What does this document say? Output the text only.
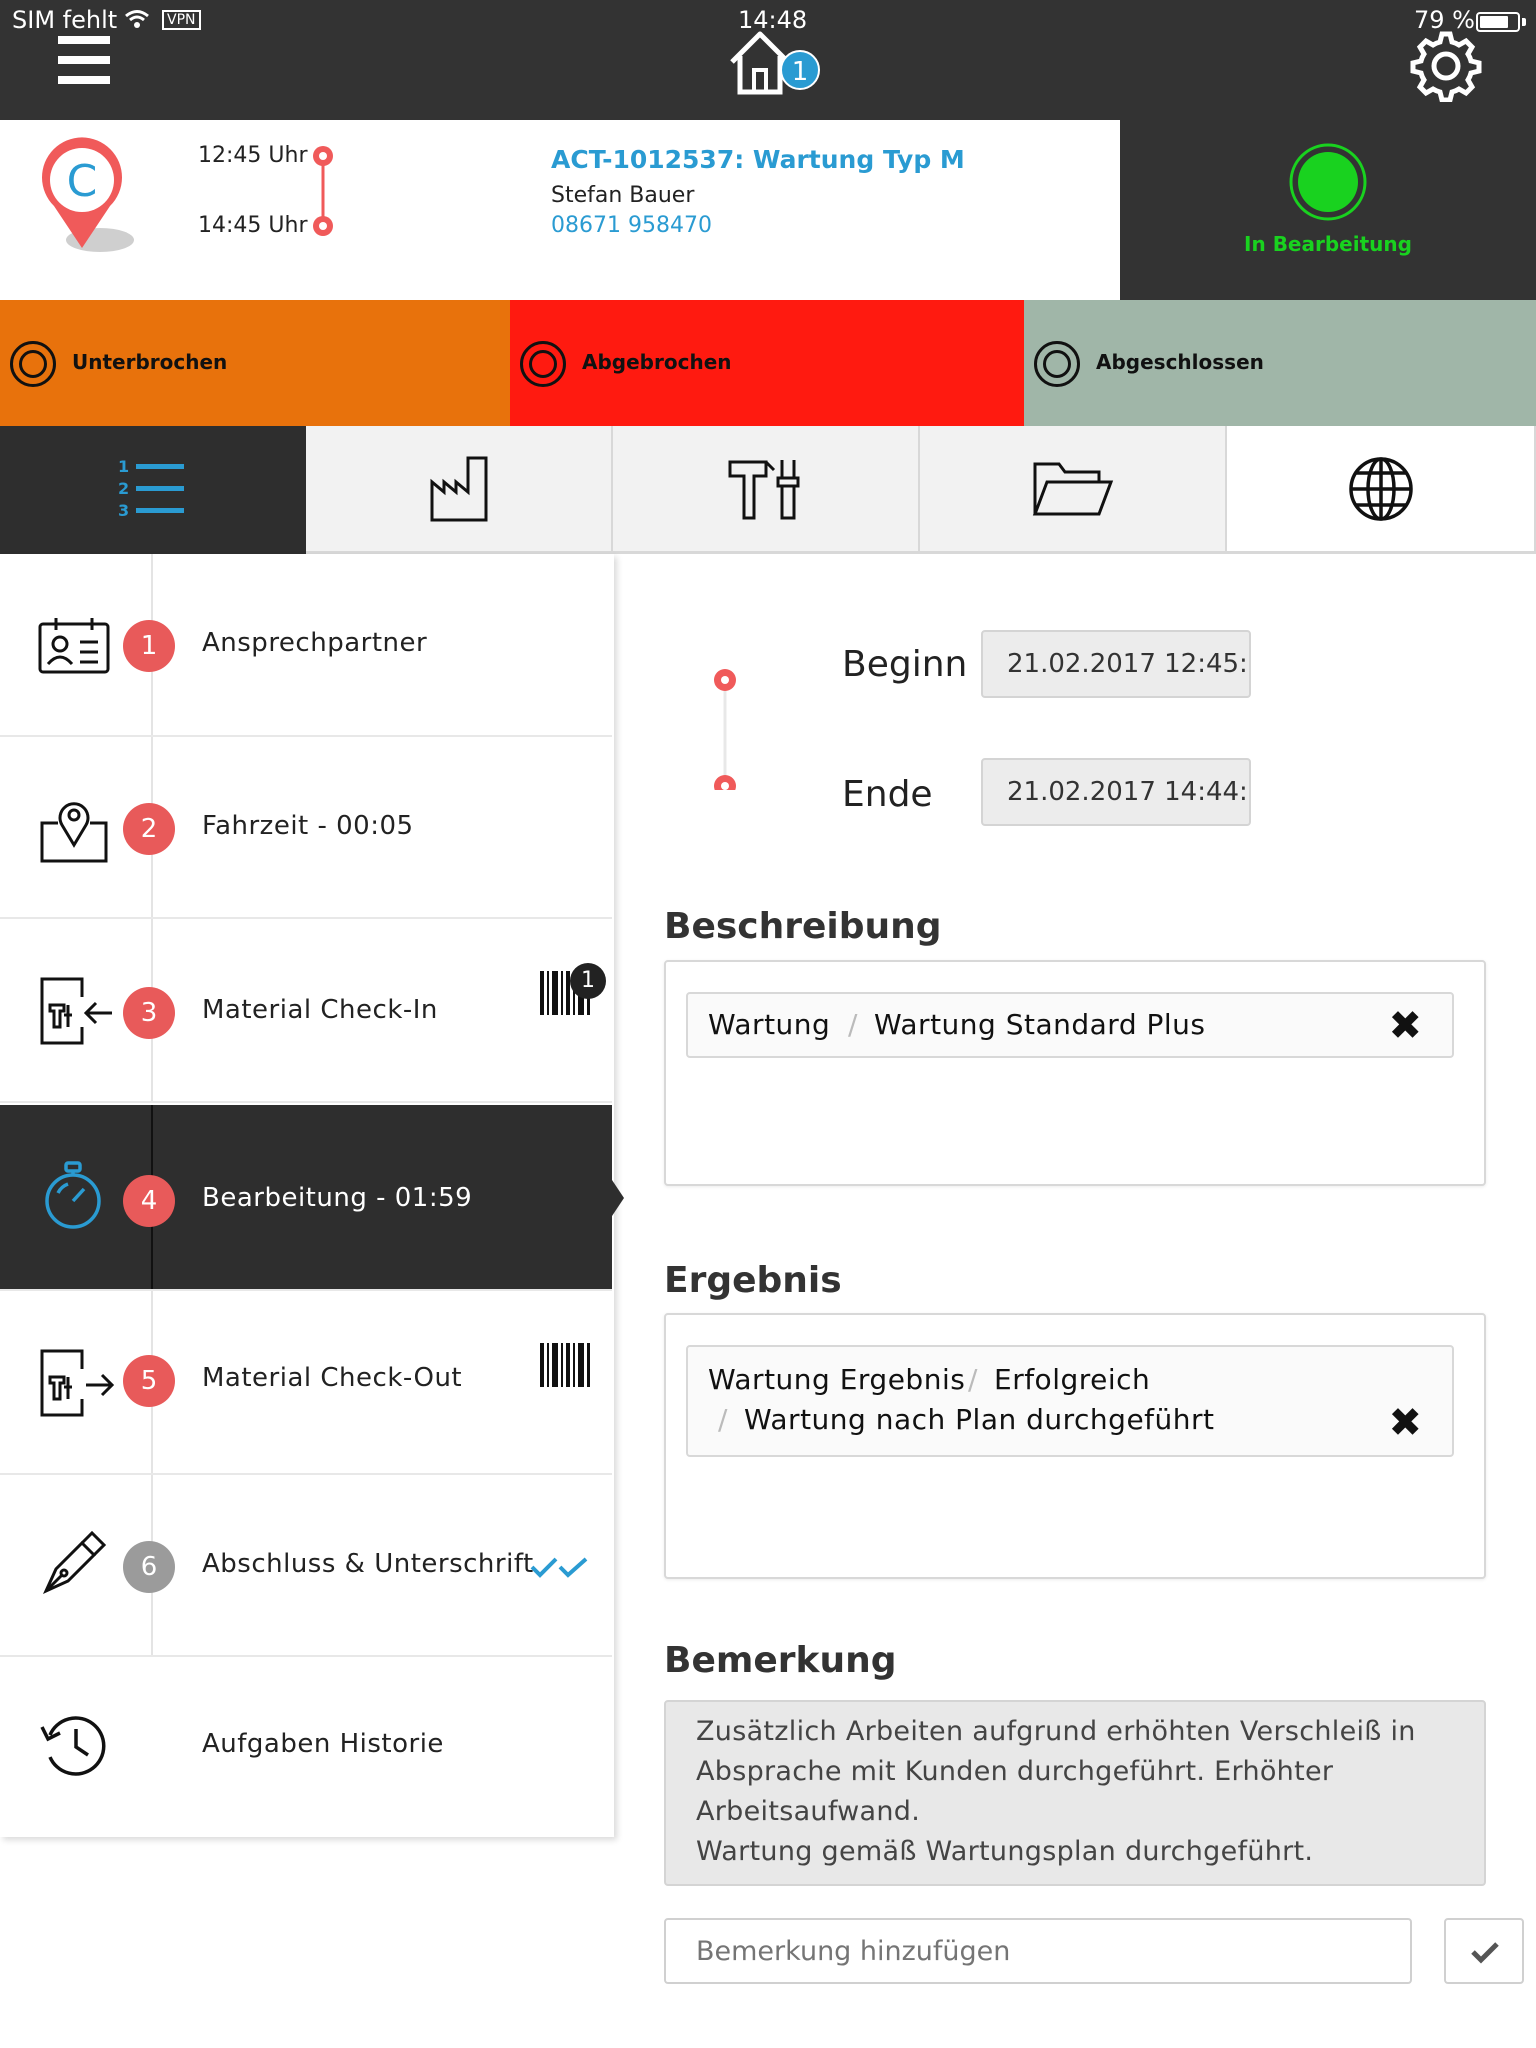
SIM fehlt	VPN	14:48	79 %
1
C
12:45 Uhr
14:45 Uhr
ACT-1012537: Wartung Typ M
Stefan Bauer
08671 958470
In Bearbeitung
Unterbrochen	Abgebrochen	Abgeschlossen
1
2
3
1	Ansprechpartner
2	Fahrzeit - 00:05
3	Material Check-In
1
4	Bearbeitung - 01:59
5	Material Check-Out
6	Abschluss & Unterschrift
Aufgaben Historie
Beginn	21.02.2017 12:45:
Ende	21.02.2017 14:44:
Beschreibung
Wartung / Wartung Standard Plus	✖
Ergebnis
Wartung Ergebnis / Erfolgreich
/ Wartung nach Plan durchgeführt	✖
Bemerkung
Zusätzlich Arbeiten aufgrund erhöhten Verschleiß in
Absprache mit Kunden durchgeführt. Erhöhter
Arbeitsaufwand.
Wartung gemäß Wartungsplan durchgeführt.
Bemerkung hinzufügen
